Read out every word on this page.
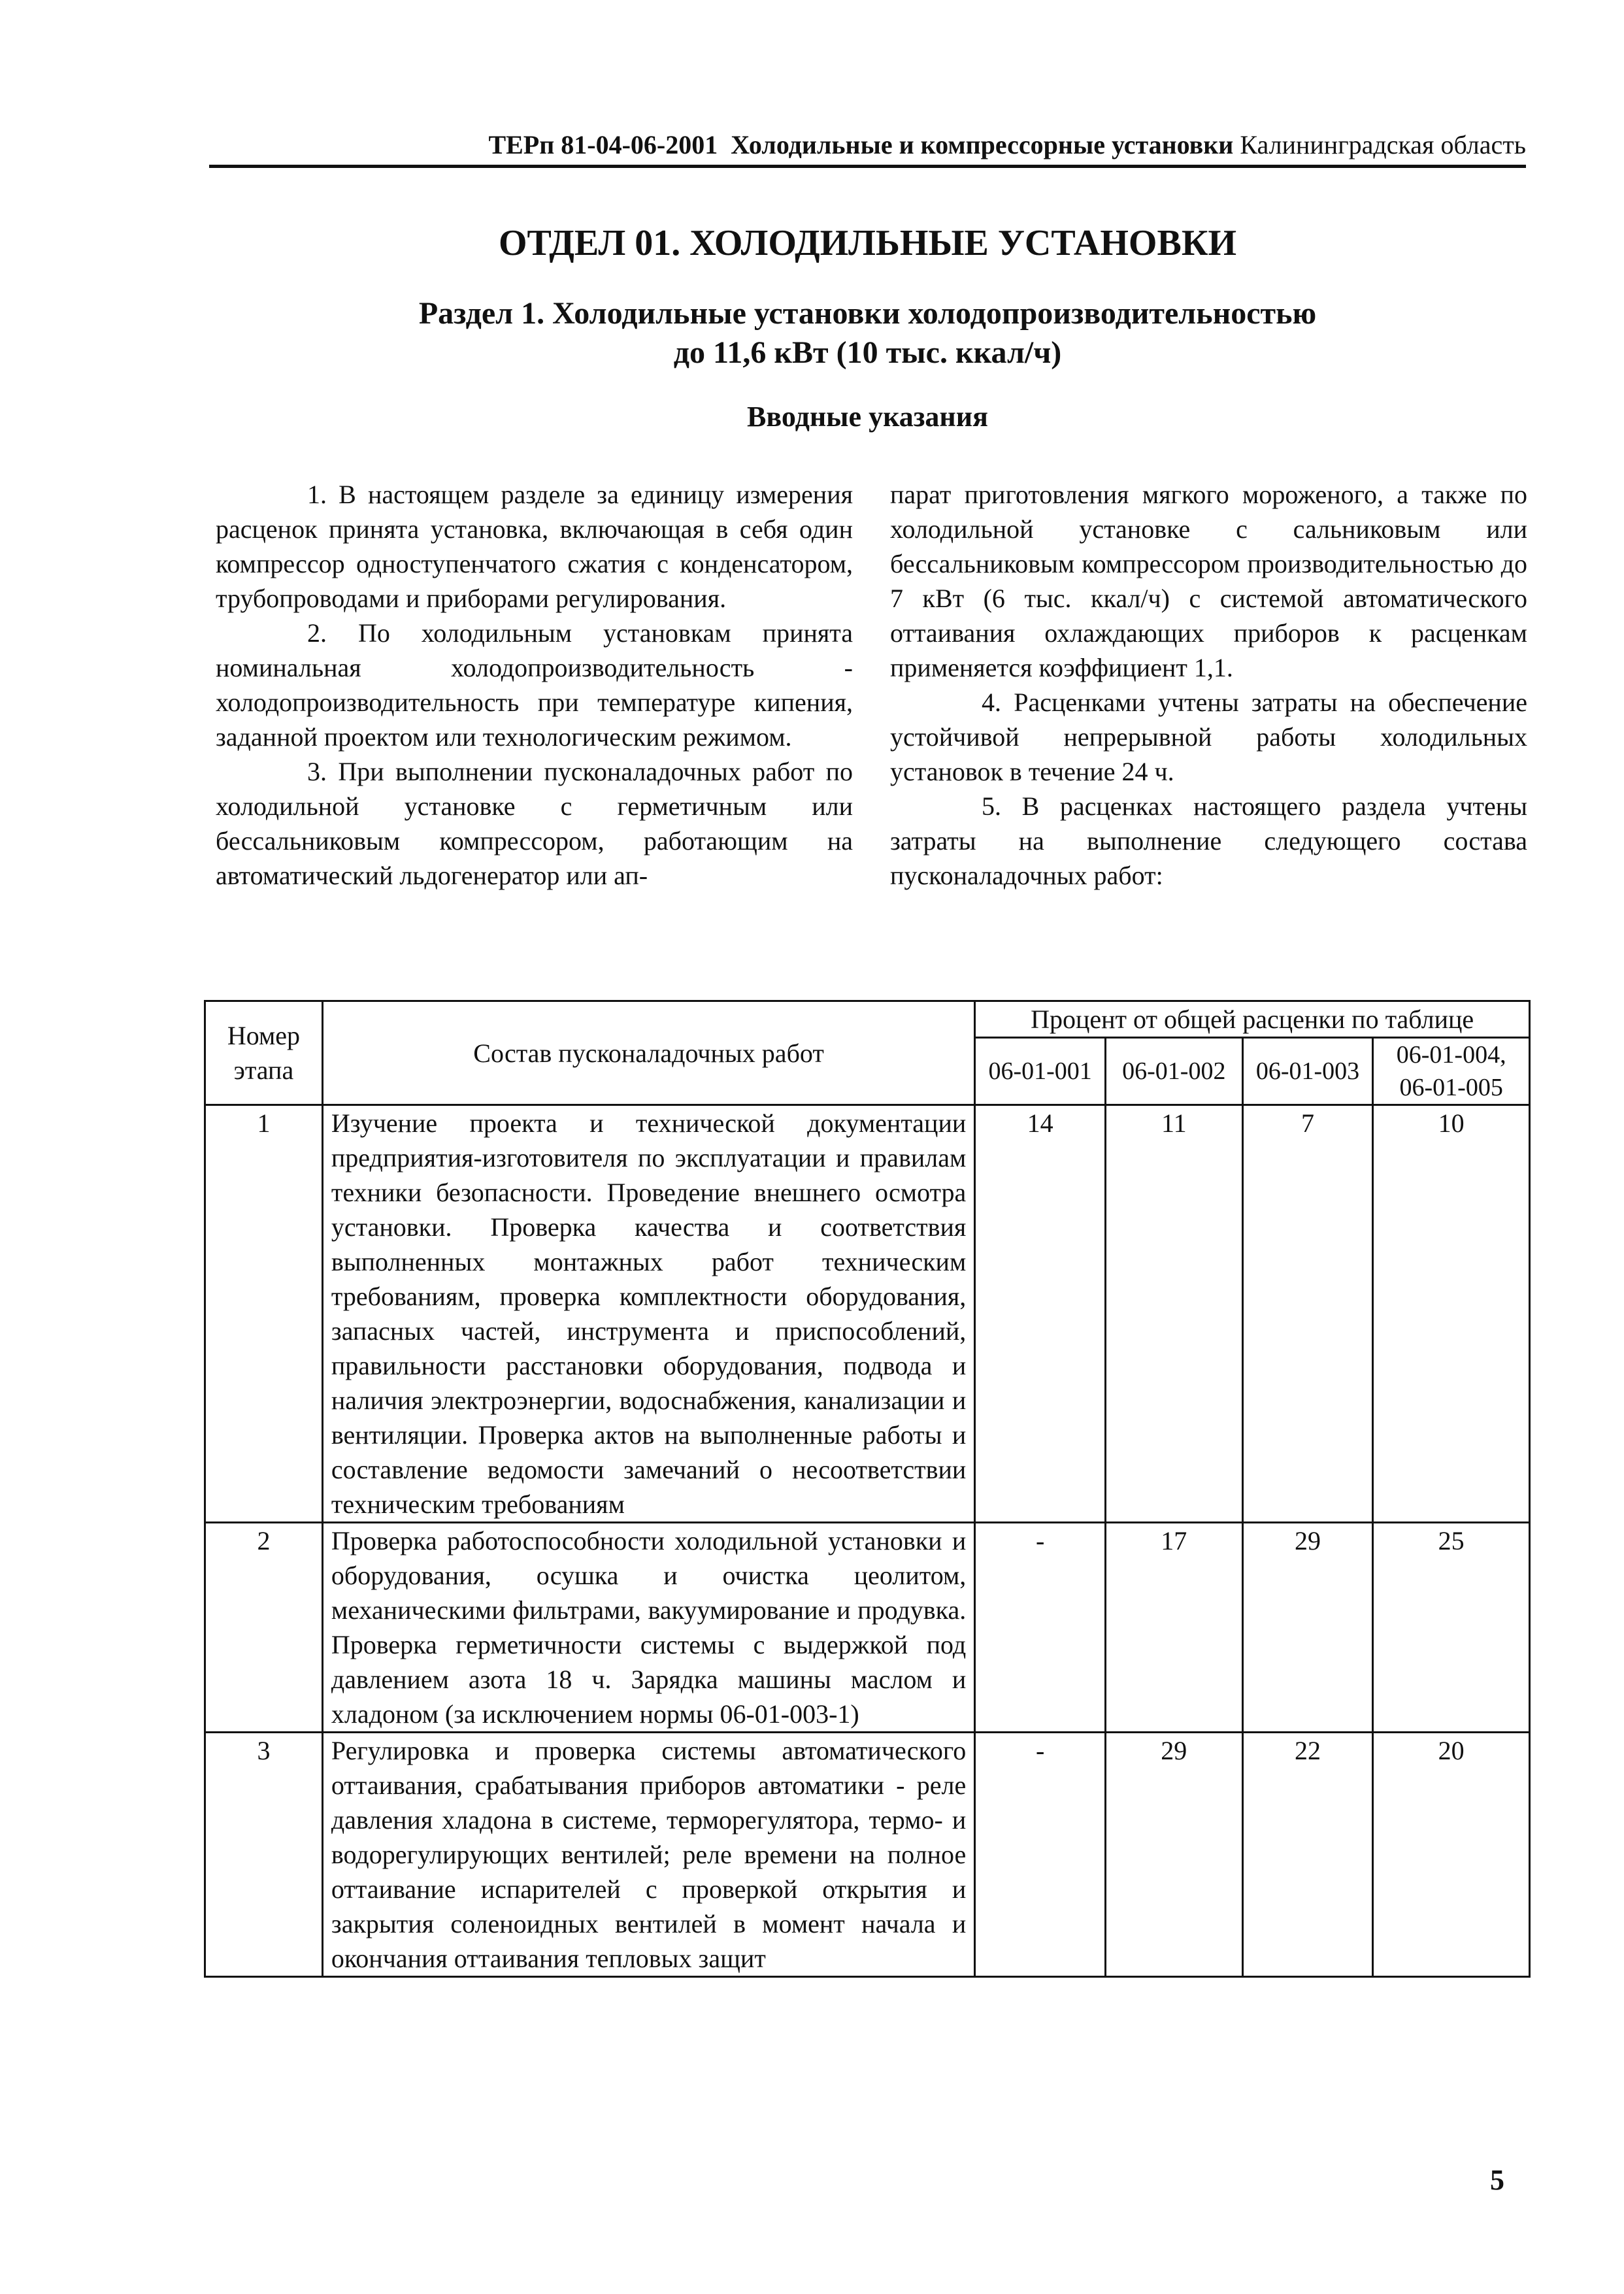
ТЕРп 81-04-06-2001 Холодильные и компрессорные установки Калининградская область
ОТДЕЛ 01. ХОЛОДИЛЬНЫЕ УСТАНОВКИ
Раздел 1. Холодильные установки холодопроизводительностью
до 11,6 кВт (10 тыс. ккал/ч)
Вводные указания

1. В настоящем разделе за единицу измерения расценок принята установка, включающая в себя один компрессор одноступенчатого сжатия с конденсатором, трубопроводами и приборами регулирования.

2. По холодильным установкам принята номинальная холодопроизводительность - холодопроизводительность при температуре кипения, заданной проектом или технологическим режимом.

3. При выполнении пусконаладочных работ по холодильной установке с герметичным или бессальниковым компрессором, работающим на автоматический льдогенератор или ап-

парат приготовления мягкого мороженого, а также по холодильной установке с сальниковым или бессальниковым компрессором производительностью до 7 кВт (6 тыс. ккал/ч) с системой автоматического оттаивания охлаждающих приборов к расценкам применяется коэффициент 1,1.

4. Расценками учтены затраты на обеспечение устойчивой непрерывной работы холодильных установок в течение 24 ч.

5. В расценках настоящего раздела учтены затраты на выполнение следующего состава пусконаладочных работ:

Номер этапа	Состав пусконаладочных работ	Процент от общей расценки по таблице			
		06-01-001	06-01-002	06-01-003	06-01-004, 06-01-005
1	Изучение проекта и технической документации предприятия-изготовителя по эксплуатации и правилам техники безопасности. Проведение внешнего осмотра установки. Проверка качества и соответствия выполненных монтажных работ техническим требованиям, проверка комплектности оборудования, запасных частей, инструмента и приспособлений, правильности расстановки оборудования, подвода и наличия электроэнергии, водоснабжения, канализации и вентиляции. Проверка актов на выполненные работы и составление ведомости замечаний о несоответствии техническим требованиям	14	11	7	10
2	Проверка работоспособности холодильной установки и оборудования, осушка и очистка цеолитом, механическими фильтрами, вакуумирование и продувка. Проверка герметичности системы с выдержкой под давлением азота 18 ч. Зарядка машины маслом и хладоном (за исключением нормы 06-01-003-1)	-	17	29	25
3	Регулировка и проверка системы автоматического оттаивания, срабатывания приборов автоматики - реле давления хладона в системе, терморегулятора, термо- и водорегулирующих вентилей; реле времени на полное оттаивание испарителей с проверкой открытия и закрытия соленоидных вентилей в момент начала и окончания оттаивания тепловых защит	-	29	22	20
5
